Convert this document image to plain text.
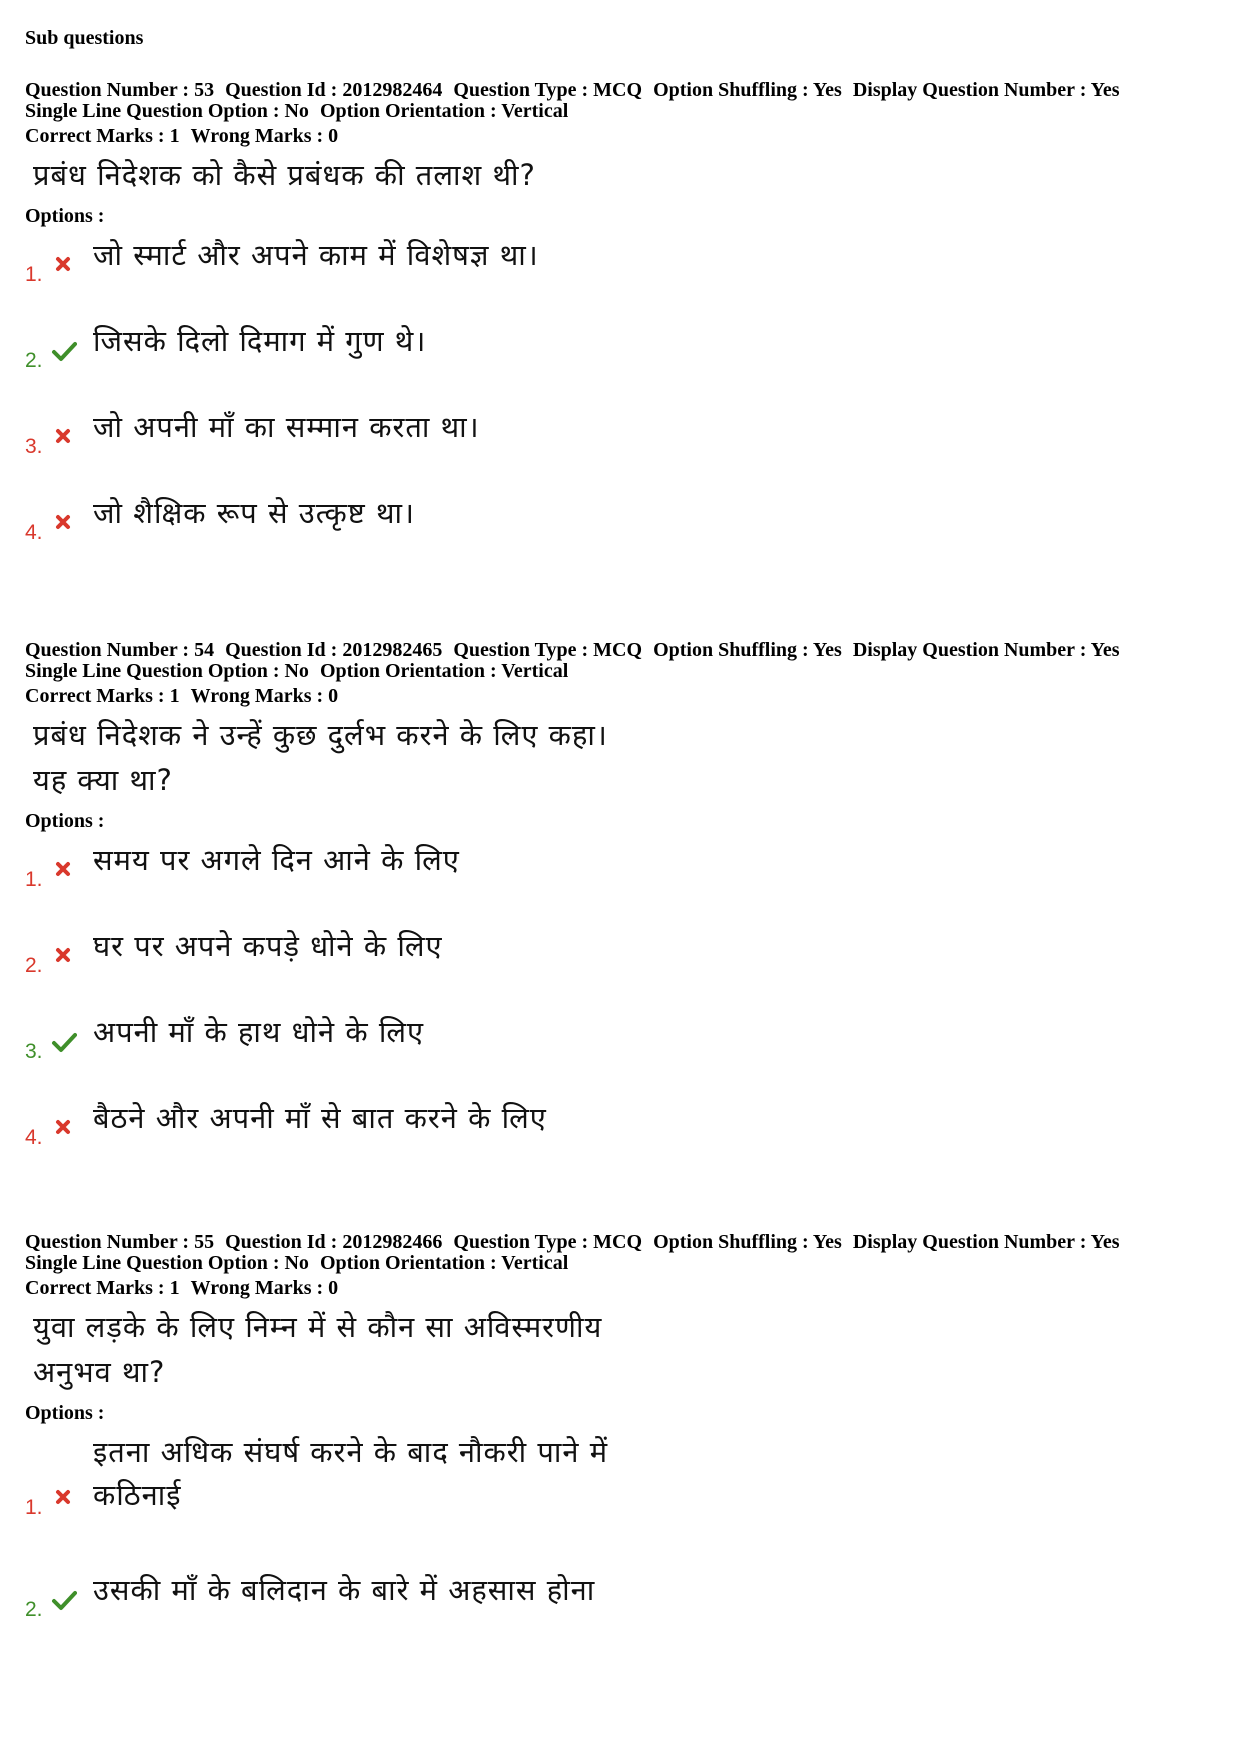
Sub questions
Question Number : 53 Question Id : 2012982464 Question Type : MCQ Option Shuffling : Yes Display Question Number : Yes
Single Line Question Option : No Option Orientation : Vertical
Correct Marks : 1 Wrong Marks : 0
प्रबंध निदेशक को कैसे प्रबंधक की तलाश थी?
Options :
1.
जो स्मार्ट और अपने काम में विशेषज्ञ था।
2.
जिसके दिलो दिमाग में गुण थे।
3.
जो अपनी माँ का सम्मान करता था।
4.
जो शैक्षिक रूप से उत्कृष्ट था।
Question Number : 54 Question Id : 2012982465 Question Type : MCQ Option Shuffling : Yes Display Question Number : Yes
Single Line Question Option : No Option Orientation : Vertical
Correct Marks : 1 Wrong Marks : 0
प्रबंध निदेशक ने उन्हें कुछ दुर्लभ करने के लिए कहा।
यह क्या था?
Options :
1.
समय पर अगले दिन आने के लिए
2.
घर पर अपने कपड़े धोने के लिए
3.
अपनी माँ के हाथ धोने के लिए
4.
बैठने और अपनी माँ से बात करने के लिए
Question Number : 55 Question Id : 2012982466 Question Type : MCQ Option Shuffling : Yes Display Question Number : Yes
Single Line Question Option : No Option Orientation : Vertical
Correct Marks : 1 Wrong Marks : 0
युवा लड़के के लिए निम्न में से कौन सा अविस्मरणीय
अनुभव था?
Options :
1.
इतना अधिक संघर्ष करने के बाद नौकरी पाने में
कठिनाई
2.
उसकी माँ के बलिदान के बारे में अहसास होना
